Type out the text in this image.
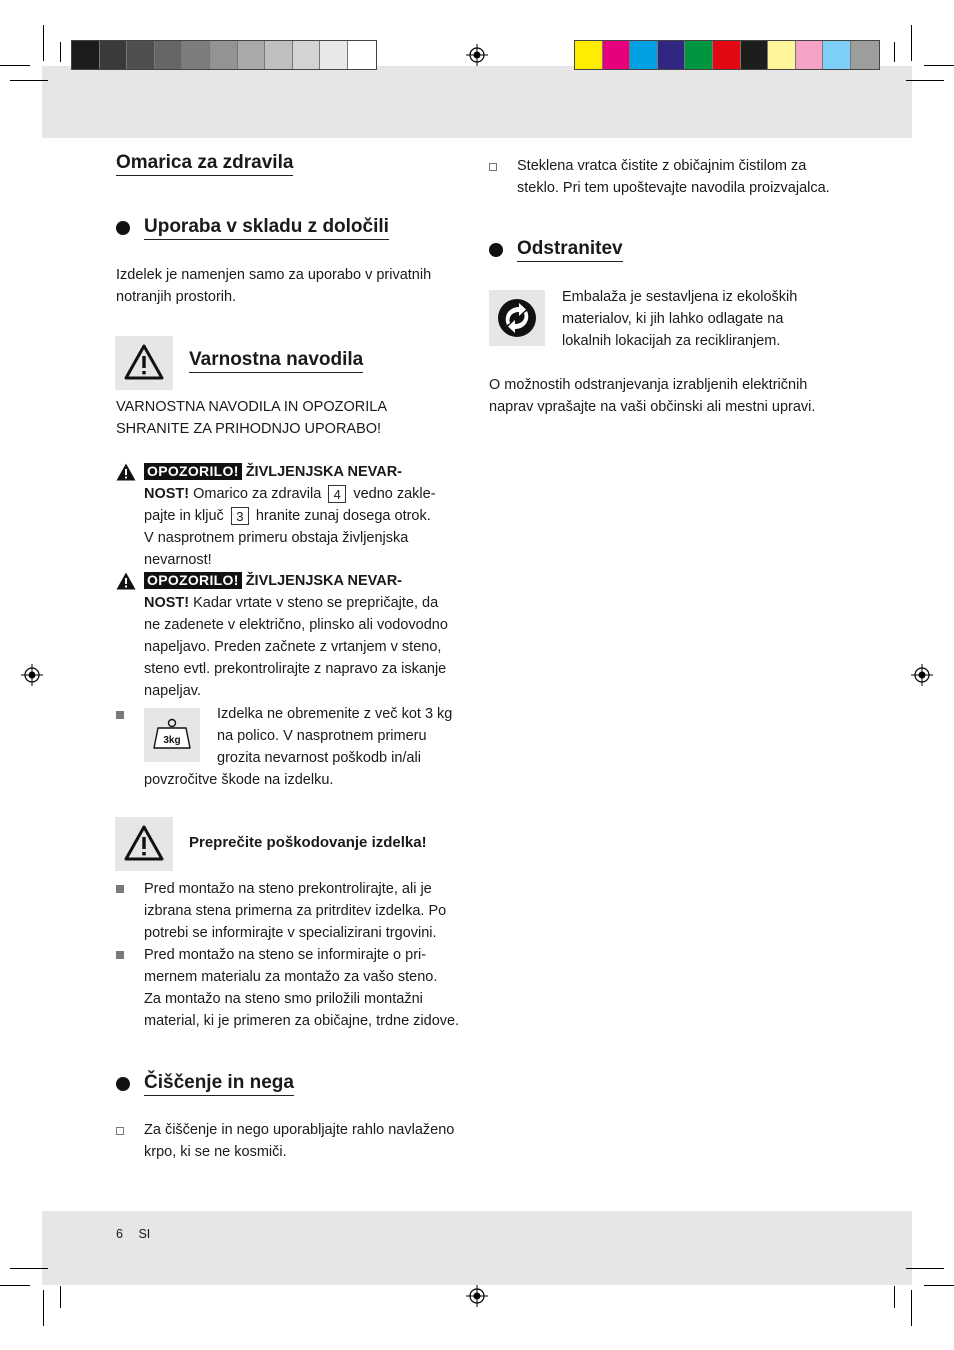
Omarica za zdravila
Uporaba v skladu z določili
Izdelek je namenjen samo za uporabo v privatnih
notranjih prostorih.
Varnostna navodila
VARNOSTNA NAVODILA IN OPOZORILA
SHRANITE ZA PRIHODNJO UPORABO!
OPOZORILO! ŽIVLJENJSKA NEVAR-
NOST! Omarico za zdravila 4 vedno zakle-
pajte in ključ 3 hranite zunaj dosega otrok.
V nasprotnem primeru obstaja življenjska
nevarnost!
OPOZORILO! ŽIVLJENJSKA NEVAR-
NOST! Kadar vrtate v steno se prepričajte, da
ne zadenete v električno, plinsko ali vodovodno
napeljavo. Preden začnete z vrtanjem v steno,
steno evtl. prekontrolirajte z napravo za iskanje
napeljav.
3kg
Izdelka ne obremenite z več kot 3 kg
na polico. V nasprotnem primeru
grozita nevarnost poškodb in/ali
povzročitve škode na izdelku.
Preprečite poškodovanje izdelka!
Pred montažo na steno prekontrolirajte, ali je
izbrana stena primerna za pritrditev izdelka. Po
potrebi se informirajte v specializirani trgovini.
Pred montažo na steno se informirajte o pri-
mernem materialu za montažo za vašo steno.
Za montažo na steno smo priložili montažni
material, ki je primeren za običajne, trdne zidove.
Čiščenje in nega
Za čiščenje in nego uporabljajte rahlo navlaženo
krpo, ki se ne kosmiči.
Steklena vratca čistite z običajnim čistilom za
steklo. Pri tem upoštevajte navodila proizvajalca.
Odstranitev
Embalaža je sestavljena iz ekoloških
materialov, ki jih lahko odlagate na
lokalnih lokacijah za recikliranjem.
O možnostih odstranjevanja izrabljenih električnih
naprav vprašajte na vaši občinski ali mestni upravi.
6 SI
